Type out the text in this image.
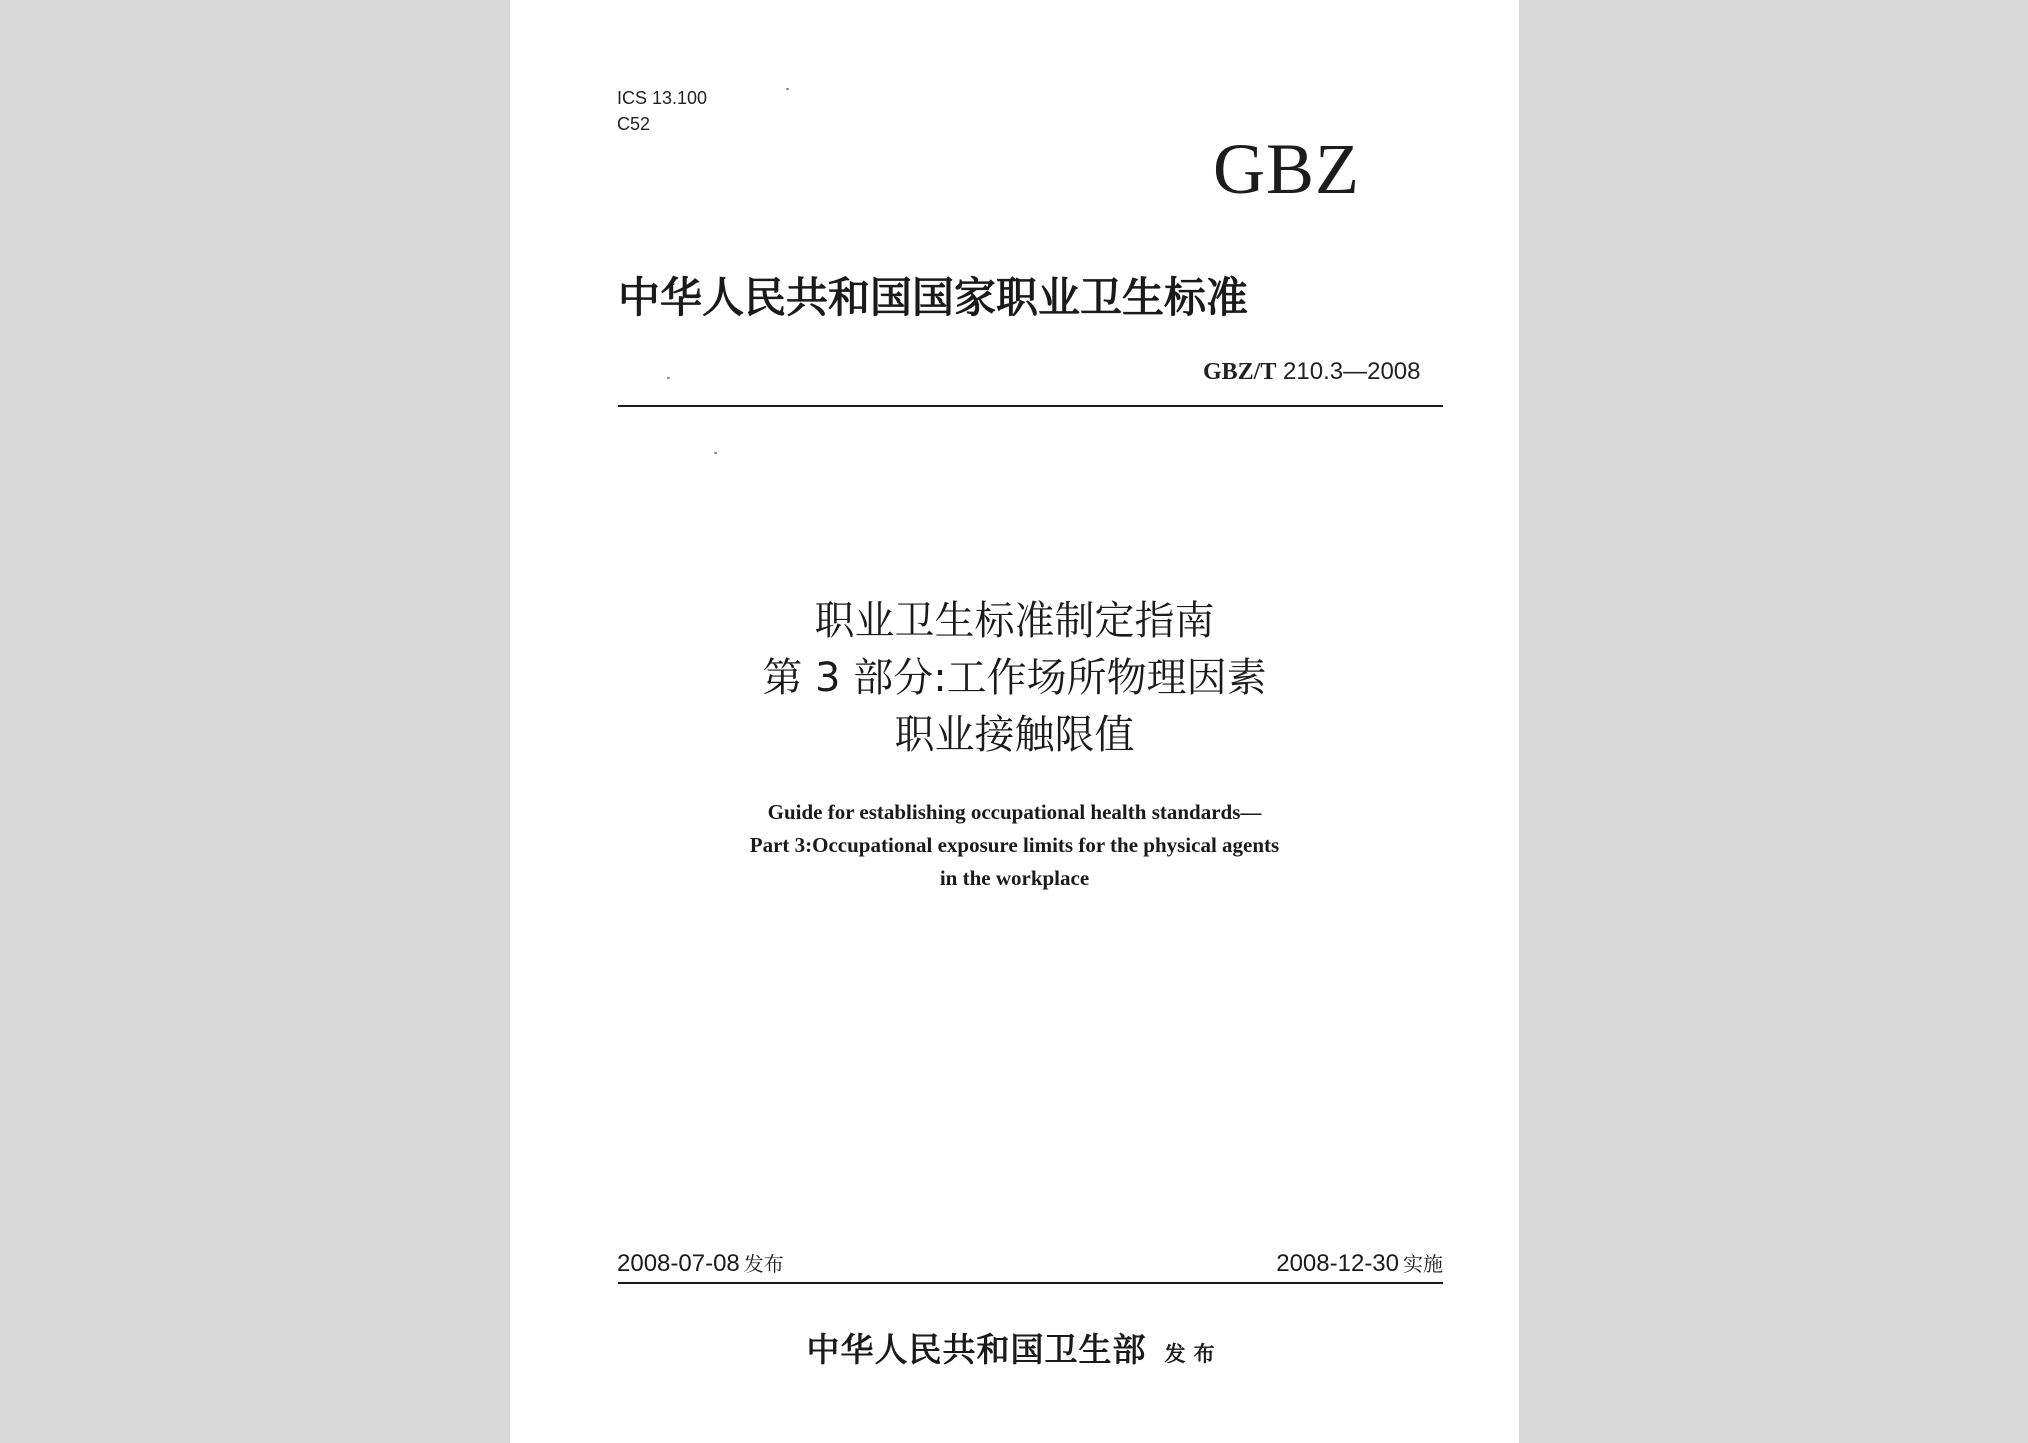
ICS 13.100
C52
GBZ
中华人民共和国国家职业卫生标准
GBZ/T 210.3—2008
职业卫生标准制定指南
第 3 部分:工作场所物理因素
职业接触限值
Guide for establishing occupational health standards—
Part 3:Occupational exposure limits for the physical agents
in the workplace
2008-07-08 发布	2008-12-30 实施
中华人民共和国卫生部 发布
